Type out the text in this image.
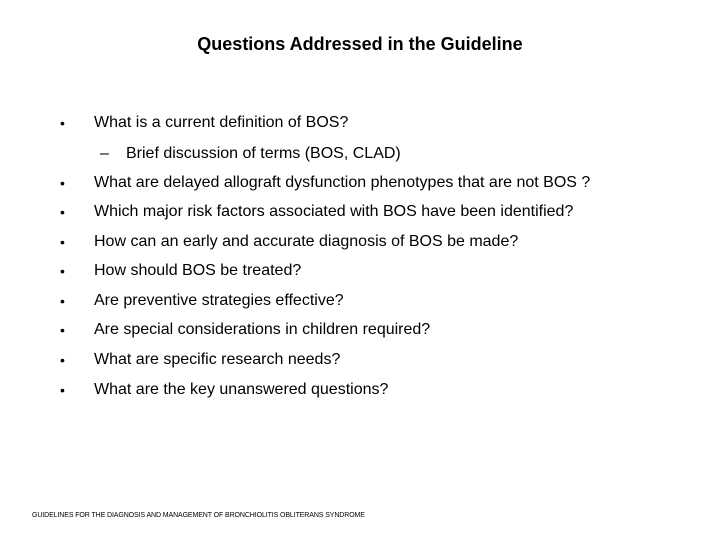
Questions Addressed in the Guideline
•	What is a current definition of BOS?
– Brief discussion of terms (BOS, CLAD)
•	What are delayed allograft dysfunction phenotypes that are not BOS ?
•	Which major risk factors associated with BOS have been identified?
•	How can an early and accurate diagnosis of BOS be made?
•	How should BOS be treated?
•	Are preventive strategies effective?
•	Are special considerations in children required?
•	What are specific research needs?
•	What are the key unanswered questions?
GUIDELINES FOR THE DIAGNOSIS AND MANAGEMENT OF BRONCHIOLITIS OBLITERANS SYNDROME
